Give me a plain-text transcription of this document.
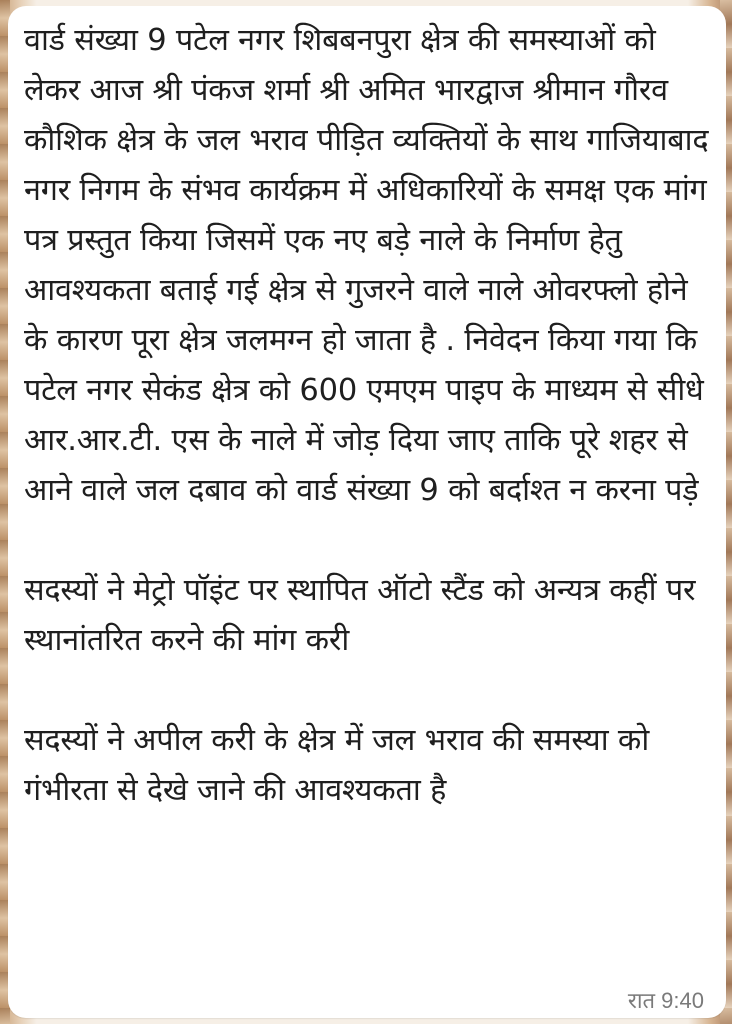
वार्ड संख्या 9 पटेल नगर शिबबनपुरा क्षेत्र की समस्याओं को लेकर आज श्री पंकज शर्मा श्री अमित भारद्वाज श्रीमान गौरव कौशिक क्षेत्र के जल भराव पीड़ित व्यक्तियों के साथ गाजियाबाद नगर निगम के संभव कार्यक्रम में अधिकारियों के समक्ष एक मांग पत्र प्रस्तुत किया जिसमें एक नए बड़े नाले के निर्माण हेतु आवश्यकता बताई गई क्षेत्र से गुजरने वाले नाले ओवरफ्लो होने के कारण पूरा क्षेत्र जलमग्न हो जाता है . निवेदन किया गया कि पटेल नगर सेकंड क्षेत्र को 600 एमएम पाइप के माध्यम से सीधे आर.आर.टी. एस के नाले में जोड़ दिया जाए ताकि पूरे शहर से आने वाले जल दबाव को वार्ड संख्या 9 को बर्दाश्त न करना पड़े
सदस्यों ने मेट्रो पॉइंट पर स्थापित ऑटो स्टैंड को अन्यत्र कहीं पर स्थानांतरित करने की मांग करी
सदस्यों ने अपील करी के क्षेत्र में जल भराव की समस्या को गंभीरता से देखे जाने की आवश्यकता है
रात 9:40
